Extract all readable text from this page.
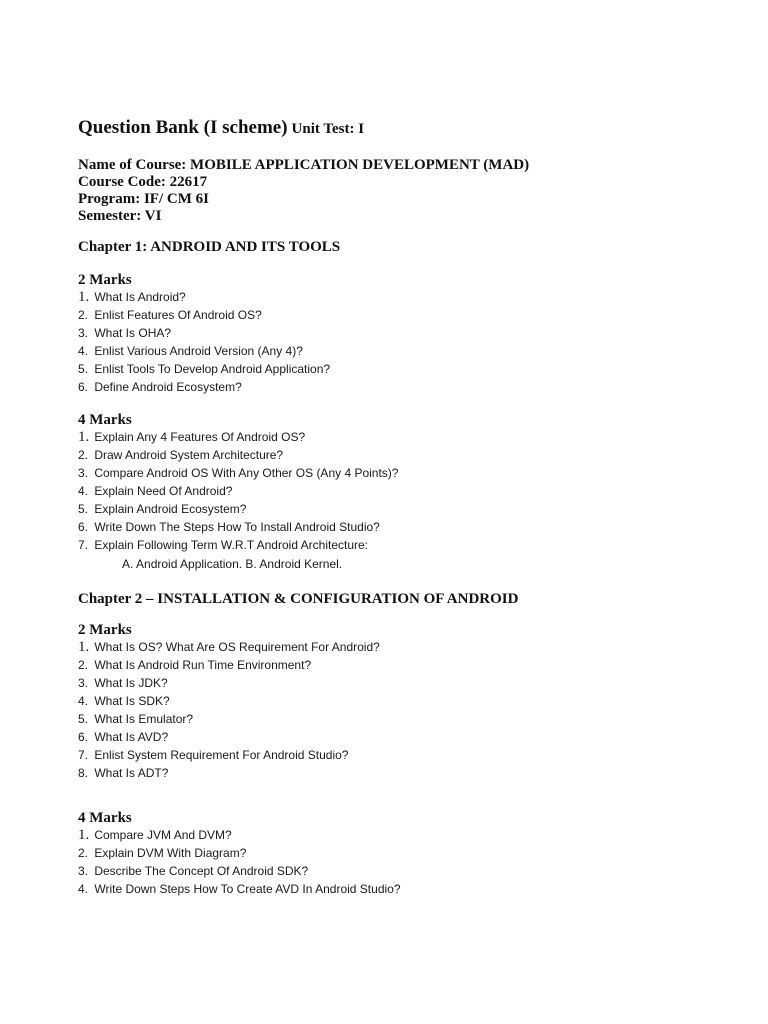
Question Bank (I scheme) Unit Test: I
Name of Course: MOBILE APPLICATION DEVELOPMENT (MAD)
Course Code: 22617
Program: IF/ CM 6I
Semester: VI
Chapter 1: ANDROID AND ITS TOOLS
2 Marks
1. What Is Android?
2. Enlist Features Of Android OS?
3. What Is OHA?
4. Enlist Various Android Version (Any 4)?
5. Enlist Tools To Develop Android Application?
6. Define Android Ecosystem?
4 Marks
1. Explain Any 4 Features Of Android OS?
2. Draw Android System Architecture?
3. Compare Android OS With Any Other OS (Any 4 Points)?
4. Explain Need Of Android?
5. Explain Android Ecosystem?
6. Write Down The Steps How To Install Android Studio?
7. Explain Following Term W.R.T Android Architecture:
A. Android Application. B. Android Kernel.
Chapter 2 – INSTALLATION & CONFIGURATION OF ANDROID
2 Marks
1. What Is OS? What Are OS Requirement For Android?
2. What Is Android Run Time Environment?
3. What Is JDK?
4. What Is SDK?
5. What Is Emulator?
6. What Is AVD?
7. Enlist System Requirement For Android Studio?
8. What Is ADT?
4 Marks
1. Compare JVM And DVM?
2. Explain DVM With Diagram?
3. Describe The Concept Of Android SDK?
4. Write Down Steps How To Create AVD In Android Studio?
